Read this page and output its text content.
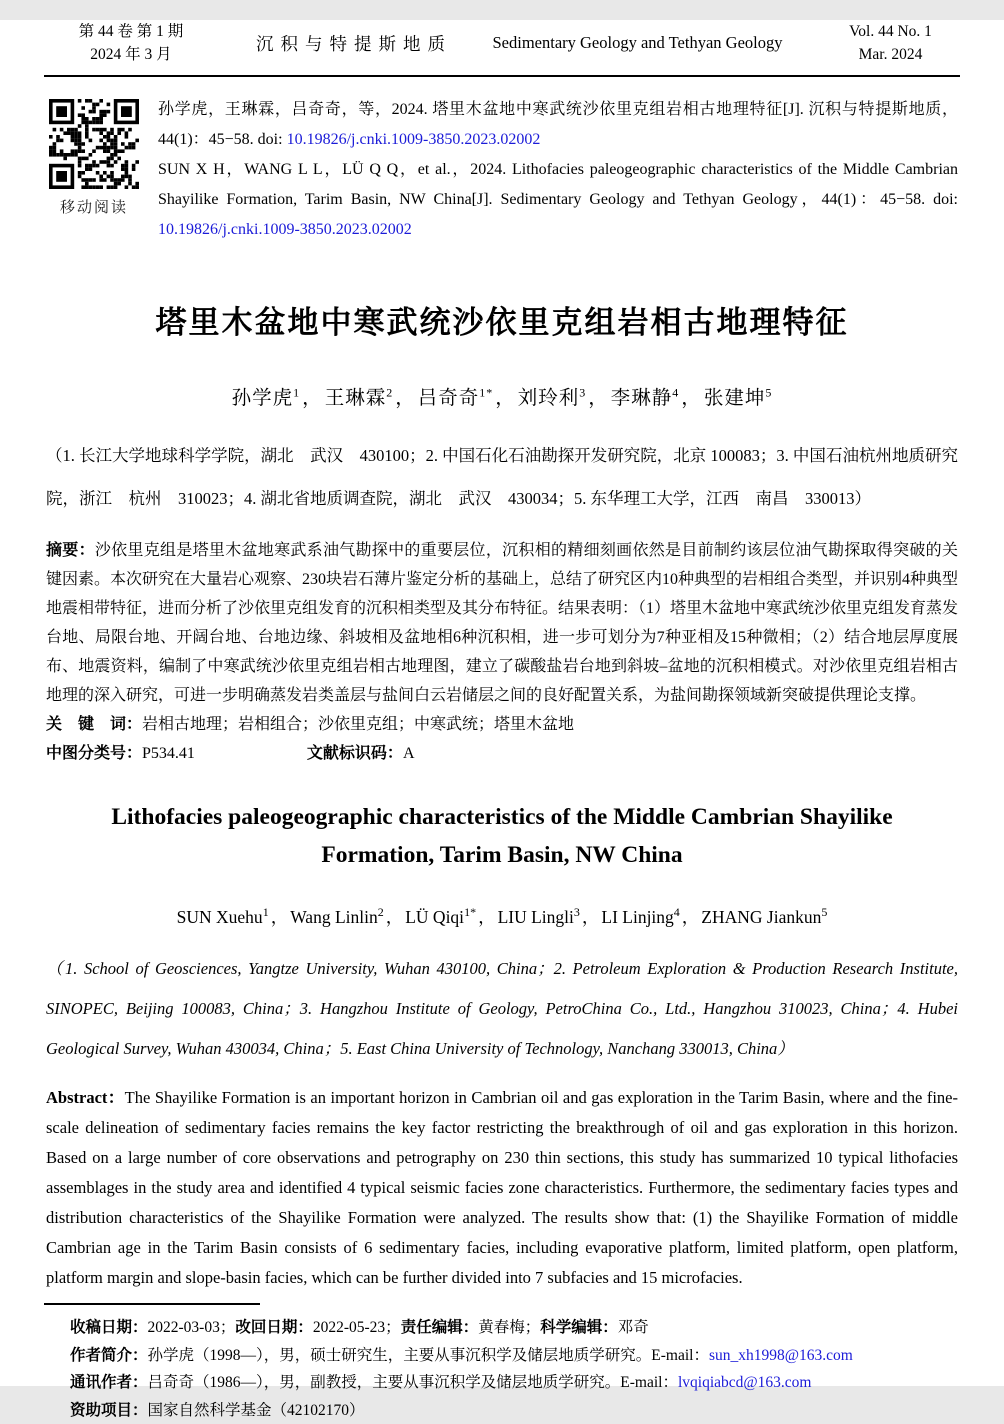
第 44 卷 第 1 期
2024 年 3 月
沉积与特提斯地质	Sedimentary Geology and Tethyan Geology
Vol. 44 No. 1
Mar. 2024
移动阅读

孙学虎，王琳霖，吕奇奇，等，2024. 塔里木盆地中寒武统沙依里克组岩相古地理特征[J]. 沉积与特提斯地质，44(1)：45−58. doi: 10.19826/j.cnki.1009-3850.2023.02002

SUN X H，WANG L L，LÜ Q Q，et al.，2024. Lithofacies paleogeographic characteristics of the Middle Cambrian Shayilike Formation, Tarim Basin, NW China[J]. Sedimentary Geology and Tethyan Geology，44(1)：45−58. doi: 10.19826/j.cnki.1009-3850.2023.02002

塔里木盆地中寒武统沙依里克组岩相古地理特征
孙学虎$^1$ ， 王琳霖$^2$ ， 吕奇奇$^{1*}$ ， 刘玲利$^3$ ， 李琳静$^4$ ， 张建坤$^5$

（1. 长江大学地球科学学院，湖北　武汉　430100；2. 中国石化石油勘探开发研究院，北京 100083；3. 中国石油杭州地质研究院，浙江　杭州　310023；4. 湖北省地质调查院，湖北　武汉　430034；5. 东华理工大学，江西　南昌　330013）

摘要：沙依里克组是塔里木盆地寒武系油气勘探中的重要层位，沉积相的精细刻画依然是目前制约该层位油气勘探取得突破的关键因素。本次研究在大量岩心观察、230块岩石薄片鉴定分析的基础上，总结了研究区内10种典型的岩相组合类型，并识别4种典型地震相带特征，进而分析了沙依里克组发育的沉积相类型及其分布特征。结果表明：（1）塔里木盆地中寒武统沙依里克组发育蒸发台地、局限台地、开阔台地、台地边缘、斜坡相及盆地相6种沉积相，进一步可划分为7种亚相及15种微相；（2）结合地层厚度展布、地震资料，编制了中寒武统沙依里克组岩相古地理图，建立了碳酸盐岩台地到斜坡–盆地的沉积相模式。对沙依里克组岩相古地理的深入研究，可进一步明确蒸发岩类盖层与盐间白云岩储层之间的良好配置关系，为盐间勘探领域新突破提供理论支撑。

关　键　词：岩相古地理；岩相组合；沙依里克组；中寒武统；塔里木盆地

中图分类号：P534.41	文献标识码：A

Lithofacies paleogeographic characteristics of the Middle Cambrian Shayilike Formation, Tarim Basin, NW China
SUN Xuehu$^1$ ， Wang Linlin$^2$ ， LÜ Qiqi$^{1*}$ ， LIU Lingli$^3$ ， LI Linjing$^4$ ， ZHANG Jiankun$^5$

（1. School of Geosciences, Yangtze University, Wuhan 430100, China；2. Petroleum Exploration & Production Research Institute, SINOPEC, Beijing 100083, China；3. Hangzhou Institute of Geology, PetroChina Co., Ltd., Hangzhou 310023, China；4. Hubei Geological Survey, Wuhan 430034, China；5. East China University of Technology, Nanchang 330013, China）

Abstract：The Shayilike Formation is an important horizon in Cambrian oil and gas exploration in the Tarim Basin, where and the fine-scale delineation of sedimentary facies remains the key factor restricting the breakthrough of oil and gas exploration in this horizon. Based on a large number of core observations and petrography on 230 thin sections, this study has summarized 10 typical lithofacies assemblages in the study area and identified 4 typical seismic facies zone characteristics. Furthermore, the sedimentary facies types and distribution characteristics of the Shayilike Formation were analyzed. The results show that: (1) the Shayilike Formation of middle Cambrian age in the Tarim Basin consists of 6 sedimentary facies, including evaporative platform, limited platform, open platform, platform margin and slope-basin facies, which can be further divided into 7 subfacies and 15 microfacies.

收稿日期：2022-03-03；改回日期：2022-05-23；责任编辑：黄春梅；科学编辑：邓奇

作者简介：孙学虎（1998—），男，硕士研究生，主要从事沉积学及储层地质学研究。E-mail：sun_xh1998@163.com

通讯作者：吕奇奇（1986—），男，副教授，主要从事沉积学及储层地质学研究。E-mail：lvqiqiabcd@163.com

资助项目：国家自然科学基金（42102170）
